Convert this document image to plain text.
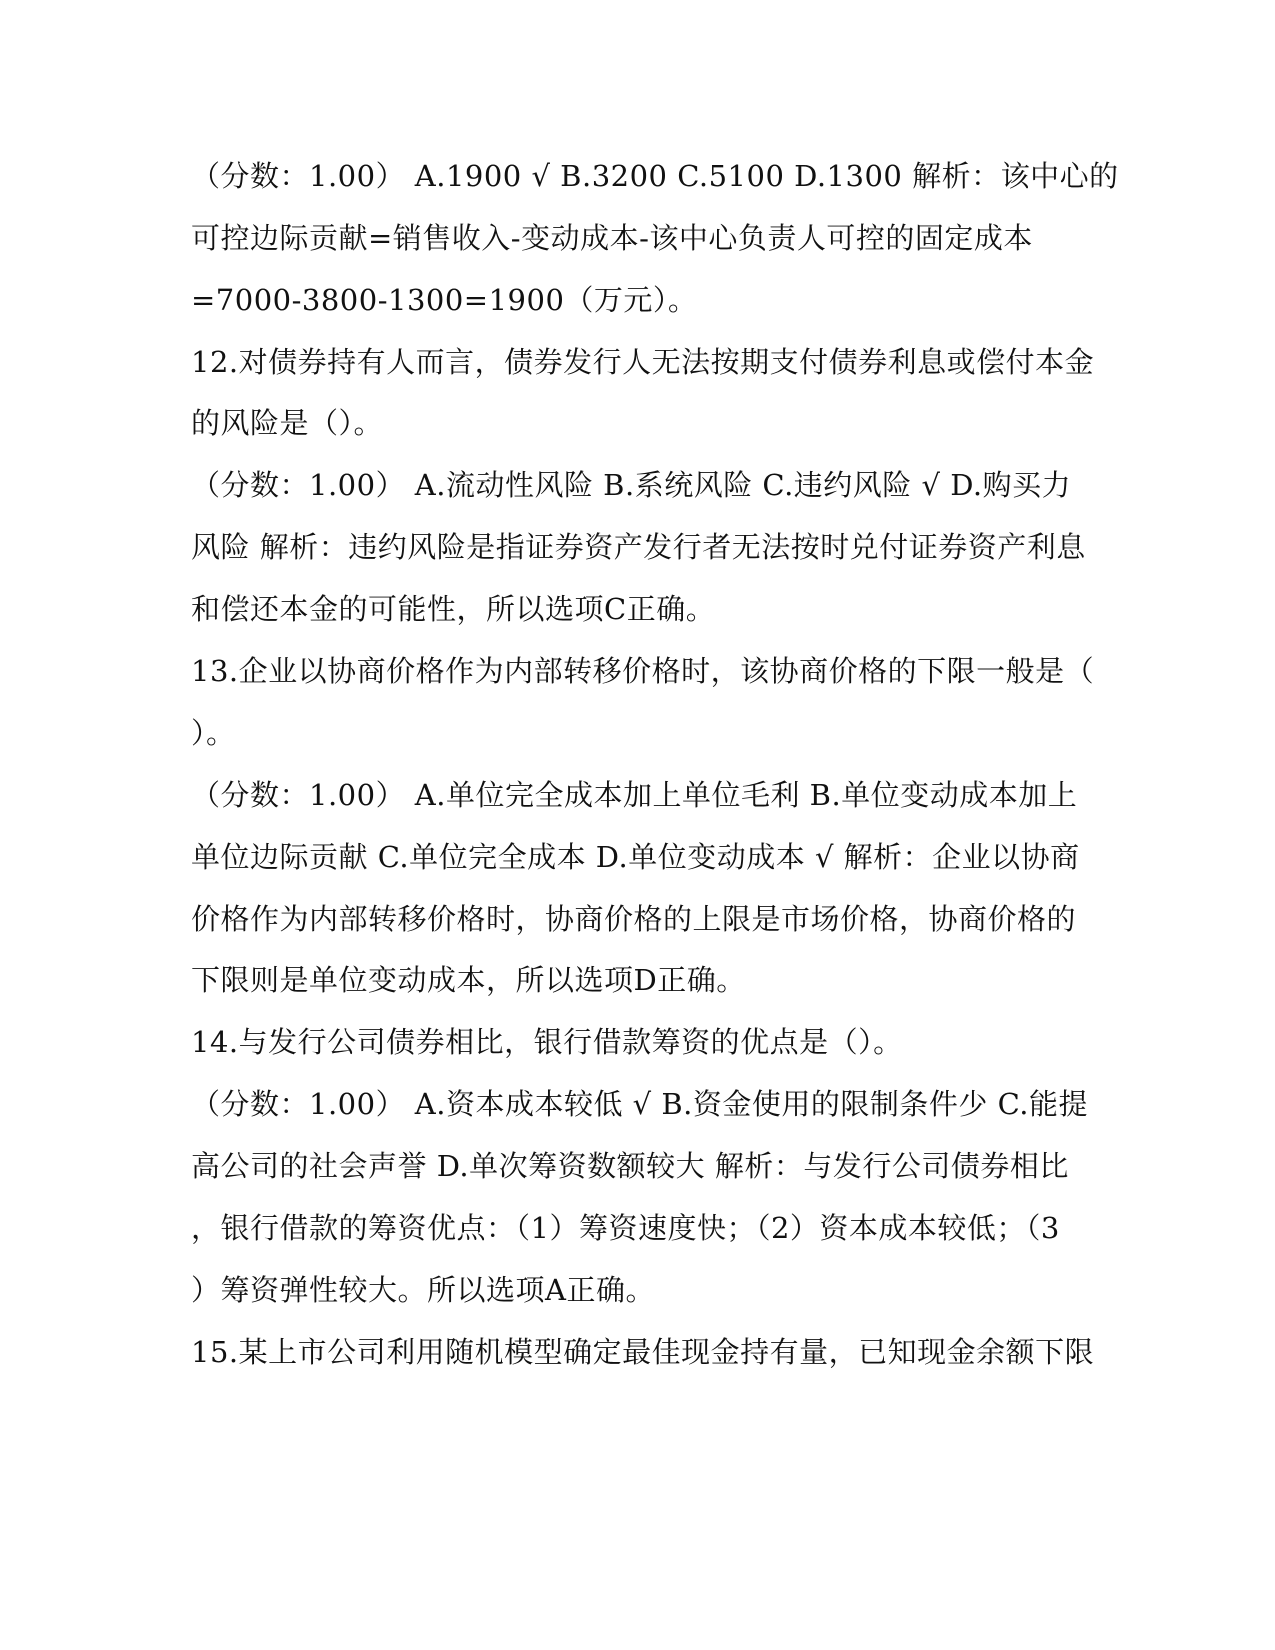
（分数：1.00） A.1900 √ B.3200 C.5100 D.1300 解析：该中心的
可控边际贡献=销售收入-变动成本-该中心负责人可控的固定成本
=7000-3800-1300=1900（万元）。
12.对债券持有人而言，债券发行人无法按期支付债券利息或偿付本金
的风险是（）。
（分数：1.00） A.流动性风险 B.系统风险 C.违约风险 √ D.购买力
风险 解析：违约风险是指证券资产发行者无法按时兑付证券资产利息
和偿还本金的可能性，所以选项C正确。
13.企业以协商价格作为内部转移价格时，该协商价格的下限一般是（
）。
（分数：1.00） A.单位完全成本加上单位毛利 B.单位变动成本加上
单位边际贡献 C.单位完全成本 D.单位变动成本 √ 解析：企业以协商
价格作为内部转移价格时，协商价格的上限是市场价格，协商价格的
下限则是单位变动成本，所以选项D正确。
14.与发行公司债券相比，银行借款筹资的优点是（）。
（分数：1.00） A.资本成本较低 √ B.资金使用的限制条件少 C.能提
高公司的社会声誉 D.单次筹资数额较大 解析：与发行公司债券相比
，银行借款的筹资优点：（1）筹资速度快；（2）资本成本较低；（3
）筹资弹性较大。所以选项A正确。
15.某上市公司利用随机模型确定最佳现金持有量，已知现金余额下限
